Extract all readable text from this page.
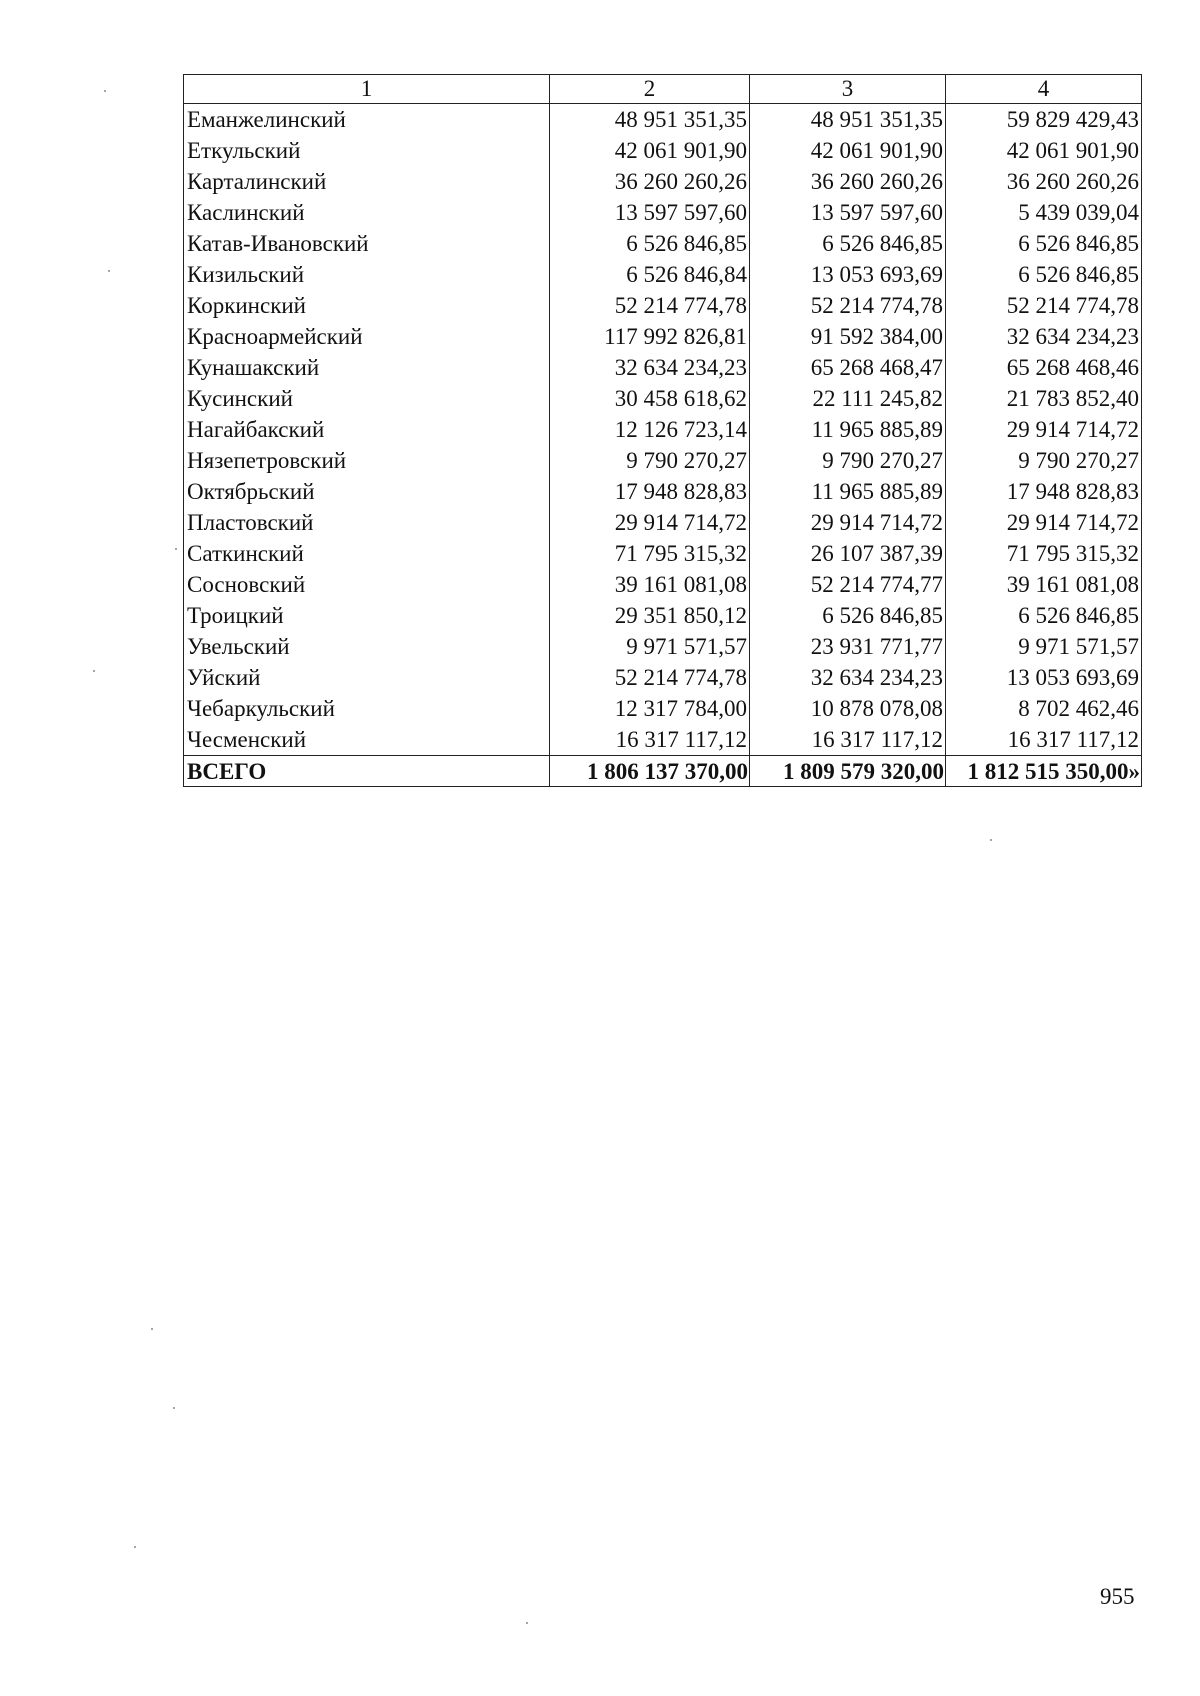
1	2	3	4
Еманжелинский	48 951 351,35	48 951 351,35	59 829 429,43
Еткульский	42 061 901,90	42 061 901,90	42 061 901,90
Карталинский	36 260 260,26	36 260 260,26	36 260 260,26
Каслинский	13 597 597,60	13 597 597,60	5 439 039,04
Катав-Ивановский	6 526 846,85	6 526 846,85	6 526 846,85
Кизильский	6 526 846,84	13 053 693,69	6 526 846,85
Коркинский	52 214 774,78	52 214 774,78	52 214 774,78
Красноармейский	117 992 826,81	91 592 384,00	32 634 234,23
Кунашакский	32 634 234,23	65 268 468,47	65 268 468,46
Кусинский	30 458 618,62	22 111 245,82	21 783 852,40
Нагайбакский	12 126 723,14	11 965 885,89	29 914 714,72
Нязепетровский	9 790 270,27	9 790 270,27	9 790 270,27
Октябрьский	17 948 828,83	11 965 885,89	17 948 828,83
Пластовский	29 914 714,72	29 914 714,72	29 914 714,72
Саткинский	71 795 315,32	26 107 387,39	71 795 315,32
Сосновский	39 161 081,08	52 214 774,77	39 161 081,08
Троицкий	29 351 850,12	6 526 846,85	6 526 846,85
Увельский	9 971 571,57	23 931 771,77	9 971 571,57
Уйский	52 214 774,78	32 634 234,23	13 053 693,69
Чебаркульский	12 317 784,00	10 878 078,08	8 702 462,46
Чесменский	16 317 117,12	16 317 117,12	16 317 117,12
ВСЕГО	1 806 137 370,00	1 809 579 320,00	1 812 515 350,00»
955
